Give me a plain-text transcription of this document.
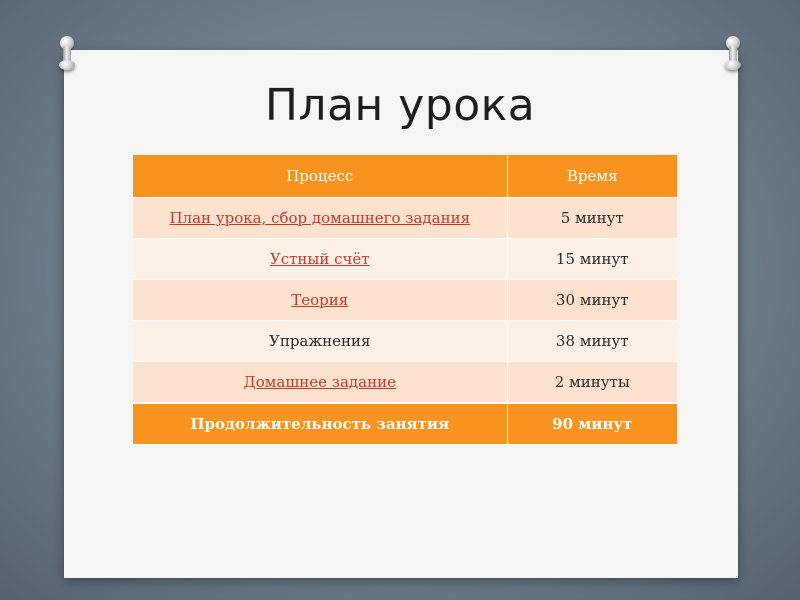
План урока
Процесс	Время
План урока, сбор домашнего задания	5 минут
Устный счёт	15 минут
Теория	30 минут
Упражнения	38 минут
Домашнее задание	2 минуты
Продолжительность занятия	90 минут
